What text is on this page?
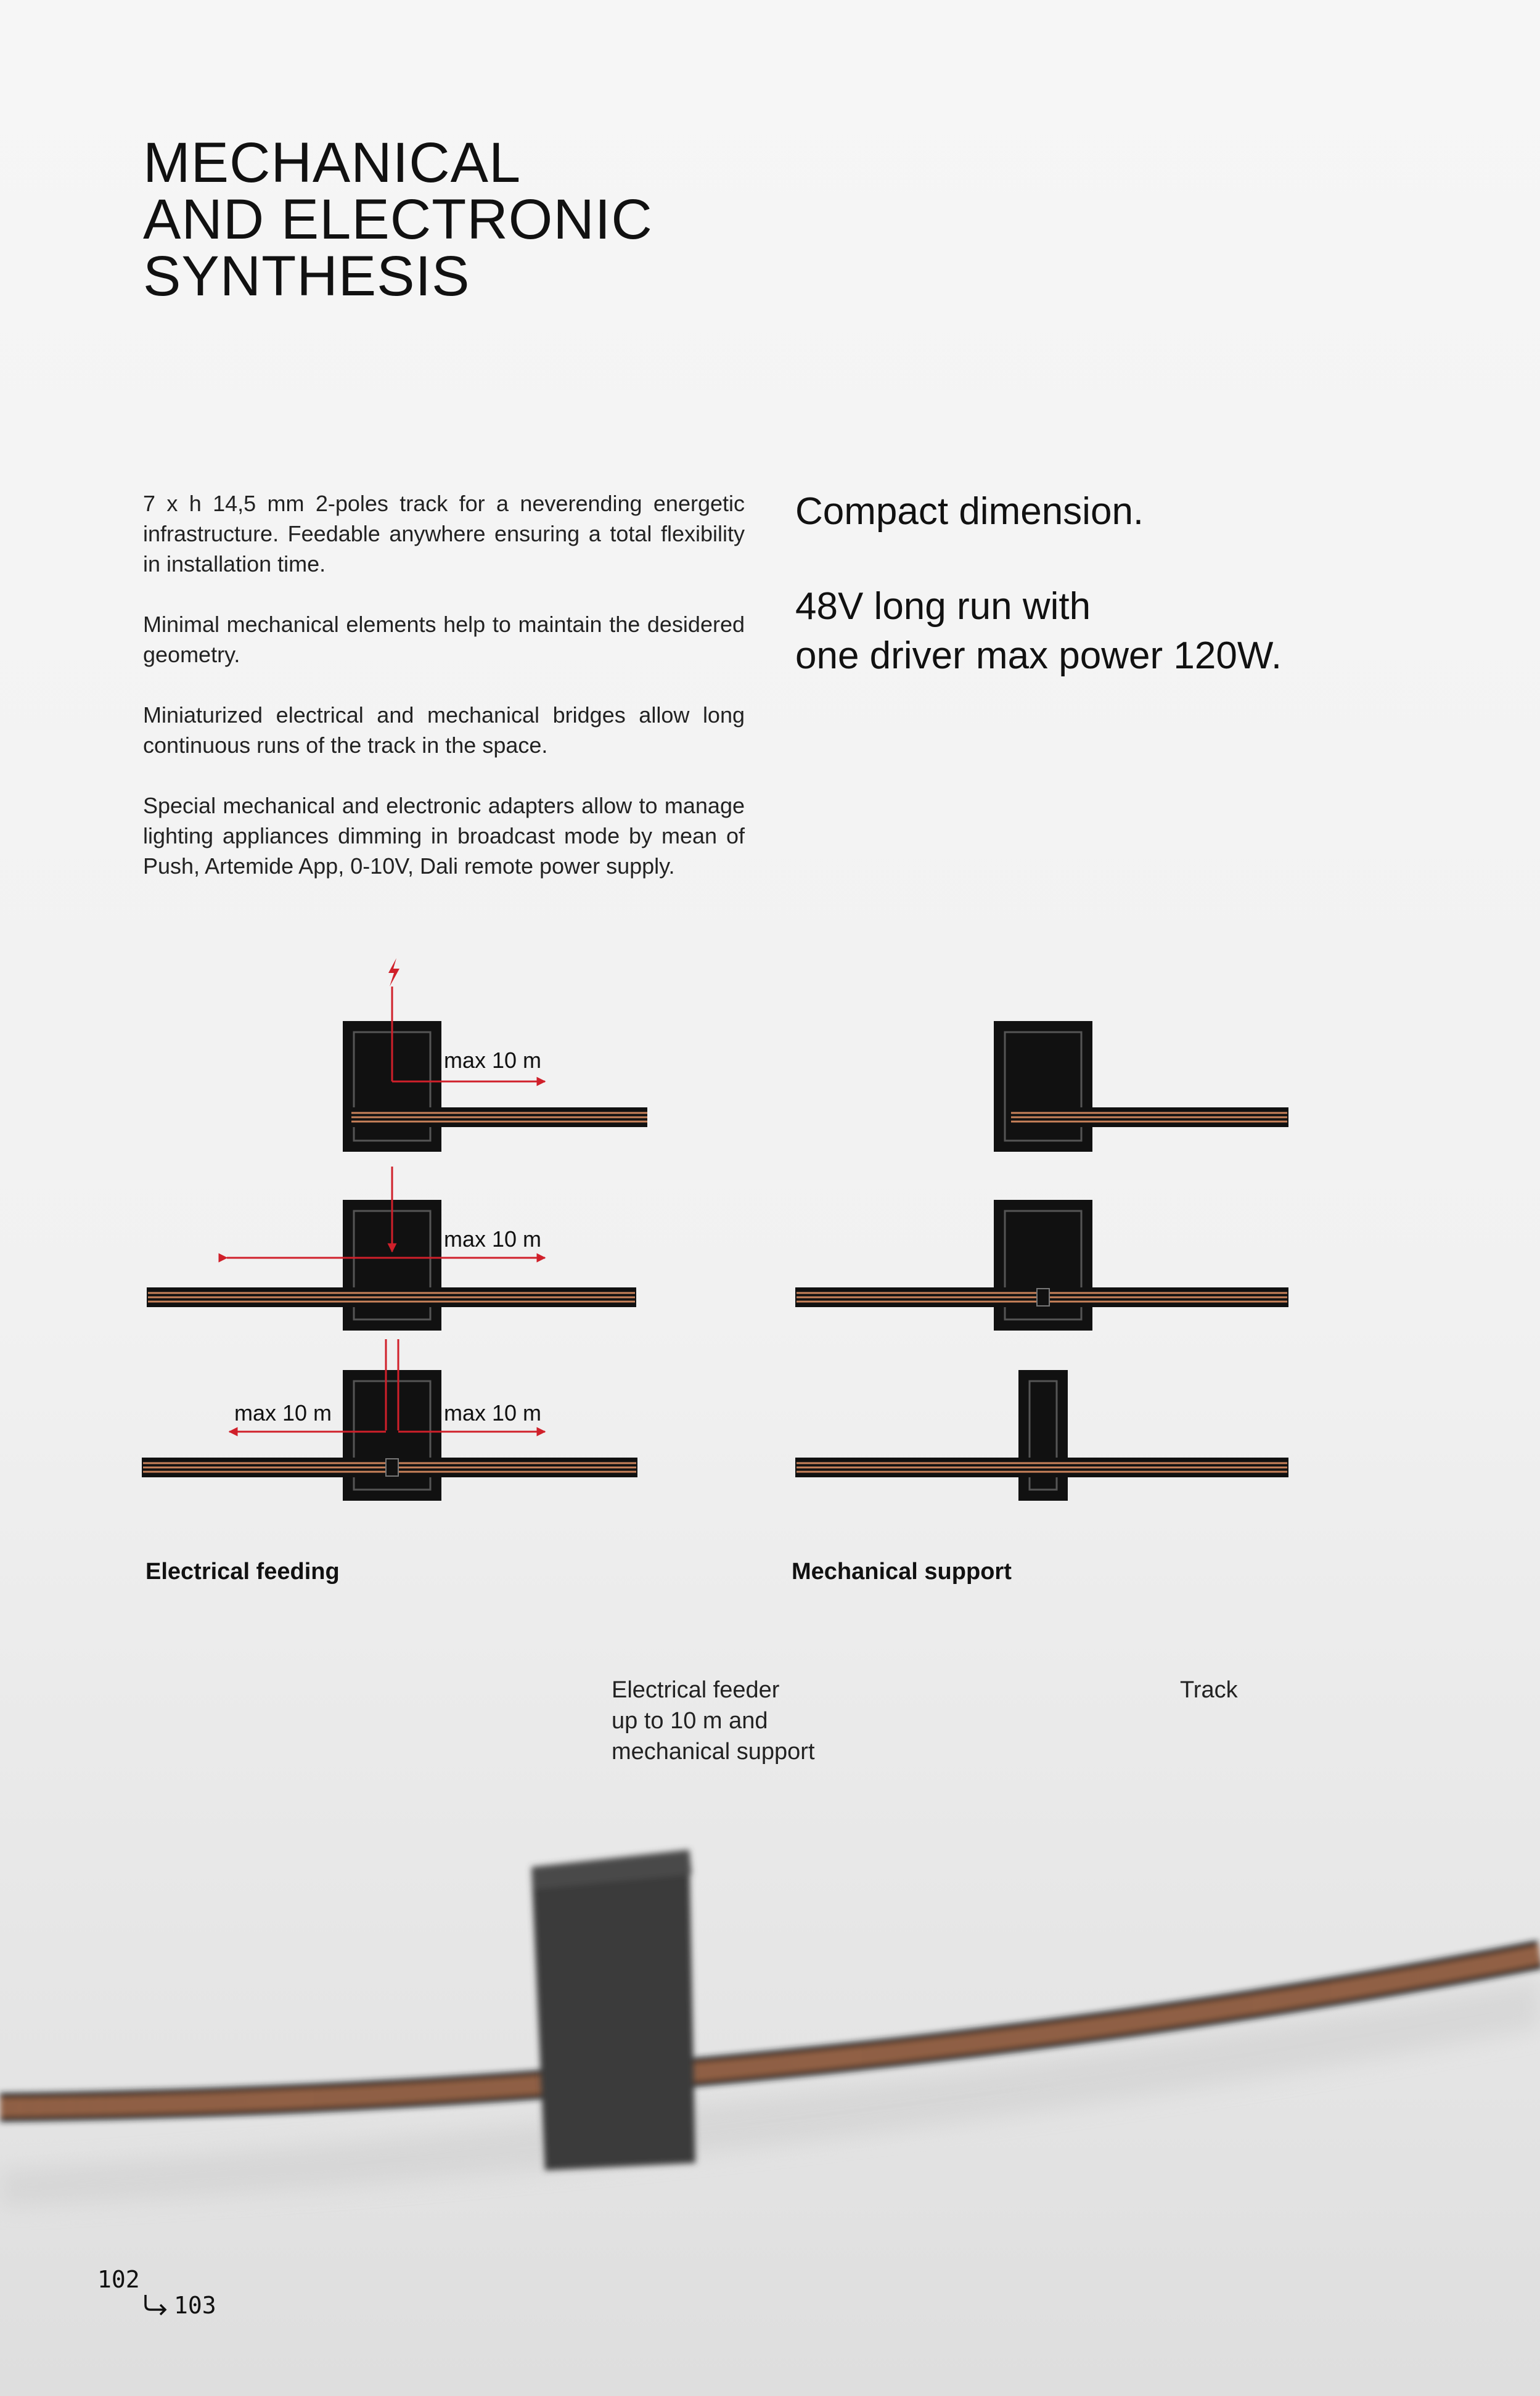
MECHANICAL
AND ELECTRONIC
SYNTHESIS

7 x h 14,5 mm 2-poles track for a neverending energetic infrastructure. Feedable anywhere ensuring a total flexibility in installation time.

Minimal mechanical elements help to maintain the desidered geometry.

Miniaturized electrical and mechanical bridges allow long continuous runs of the track in the space.

Special mechanical and electronic adapters allow to manage lighting appliances dimming in broadcast mode by mean of Push, Artemide App, 0-10V, Dali remote power supply.

Compact dimension.

48V long run with

one driver max power 120W.

max 10 m
max 10 m
max 10 m	max 10 m
Electrical feeding	Mechanical support
Electrical feeder
up to 10 m and
mechanical support
Track
102
103
